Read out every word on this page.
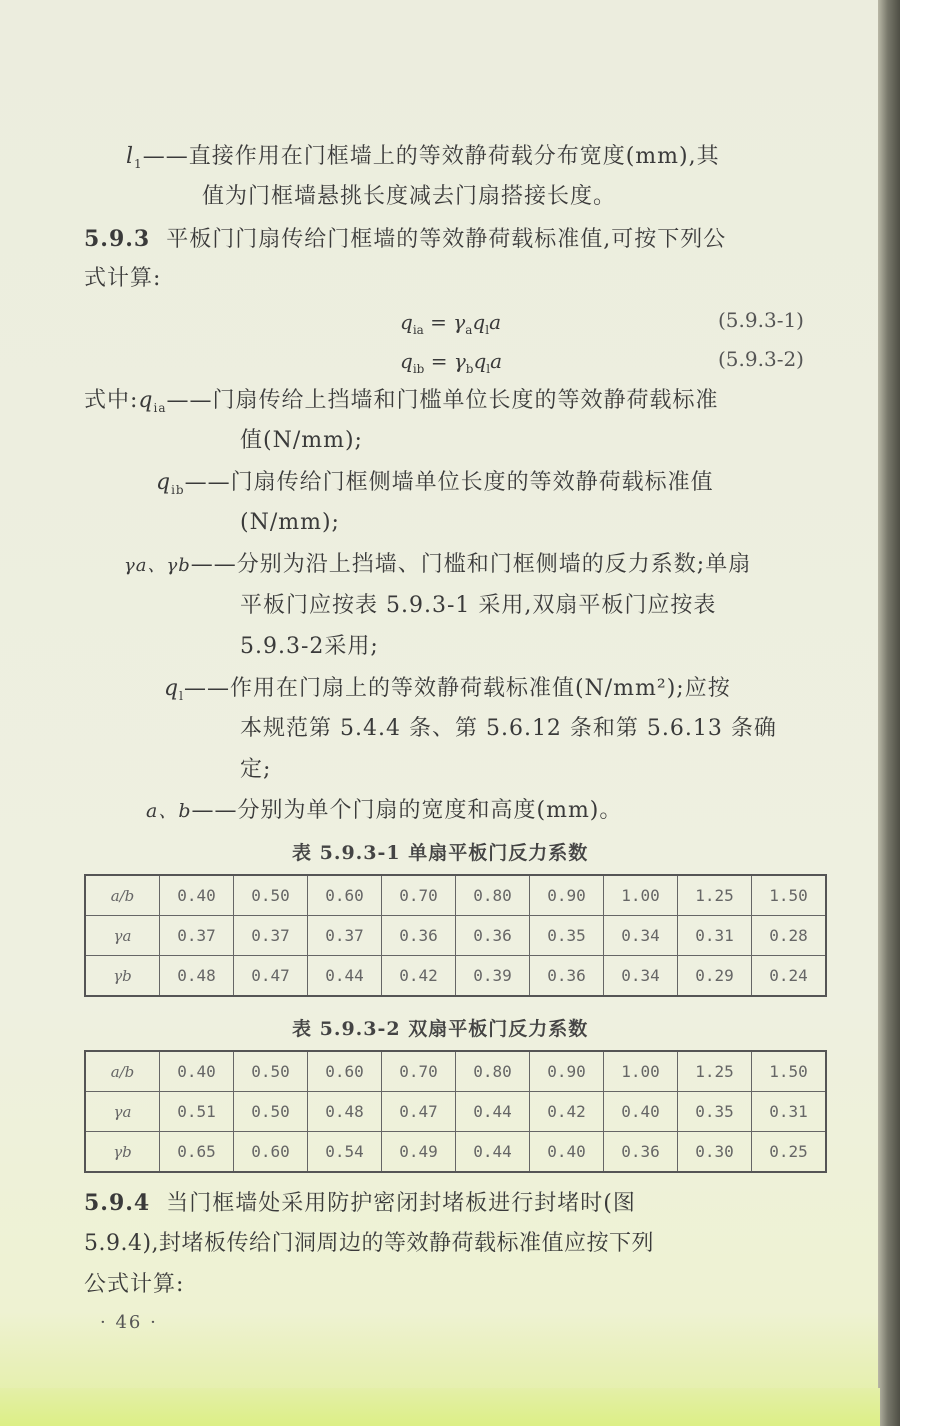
$l_1——$直接作用在门框墙上的等效静荷载分布宽度(mm),其
值为门框墙悬挑长度减去门扇搭接长度。
5.9.3 平板门门扇传给门框墙的等效静荷载标准值,可按下列公
式计算:
$q_{ia} = \gamma_aq_la$	(5.9.3-1)
$q_{ib} = \gamma_bq_la$	(5.9.3-2)
式中$:q_{ia}——$门扇传给上挡墙和门槛单位长度的等效静荷载标准
值(N/mm);
$q_{ib}——$门扇传给门框侧墙单位长度的等效静荷载标准值
(N/mm);
γa、γb——分别为沿上挡墙、门槛和门框侧墙的反力系数;单扇
平板门应按表 5.9.3-1 采用,双扇平板门应按表
5.9.3-2采用;
$q_l——$作用在门扇上的等效静荷载标准值(N/mm²);应按
本规范第 5.4.4 条、第 5.6.12 条和第 5.6.13 条确
定;
a、b——分别为单个门扇的宽度和高度(mm)。
表 5.9.3-1 单扇平板门反力系数
a/b	0.40	0.50	0.60	0.70	0.80	0.90	1.00	1.25	1.50
γa	0.37	0.37	0.37	0.36	0.36	0.35	0.34	0.31	0.28
γb	0.48	0.47	0.44	0.42	0.39	0.36	0.34	0.29	0.24
表 5.9.3-2 双扇平板门反力系数
a/b	0.40	0.50	0.60	0.70	0.80	0.90	1.00	1.25	1.50
γa	0.51	0.50	0.48	0.47	0.44	0.42	0.40	0.35	0.31
γb	0.65	0.60	0.54	0.49	0.44	0.40	0.36	0.30	0.25
5.9.4 当门框墙处采用防护密闭封堵板进行封堵时(图
5.9.4),封堵板传给门洞周边的等效静荷载标准值应按下列
公式计算:
· 46 ·
